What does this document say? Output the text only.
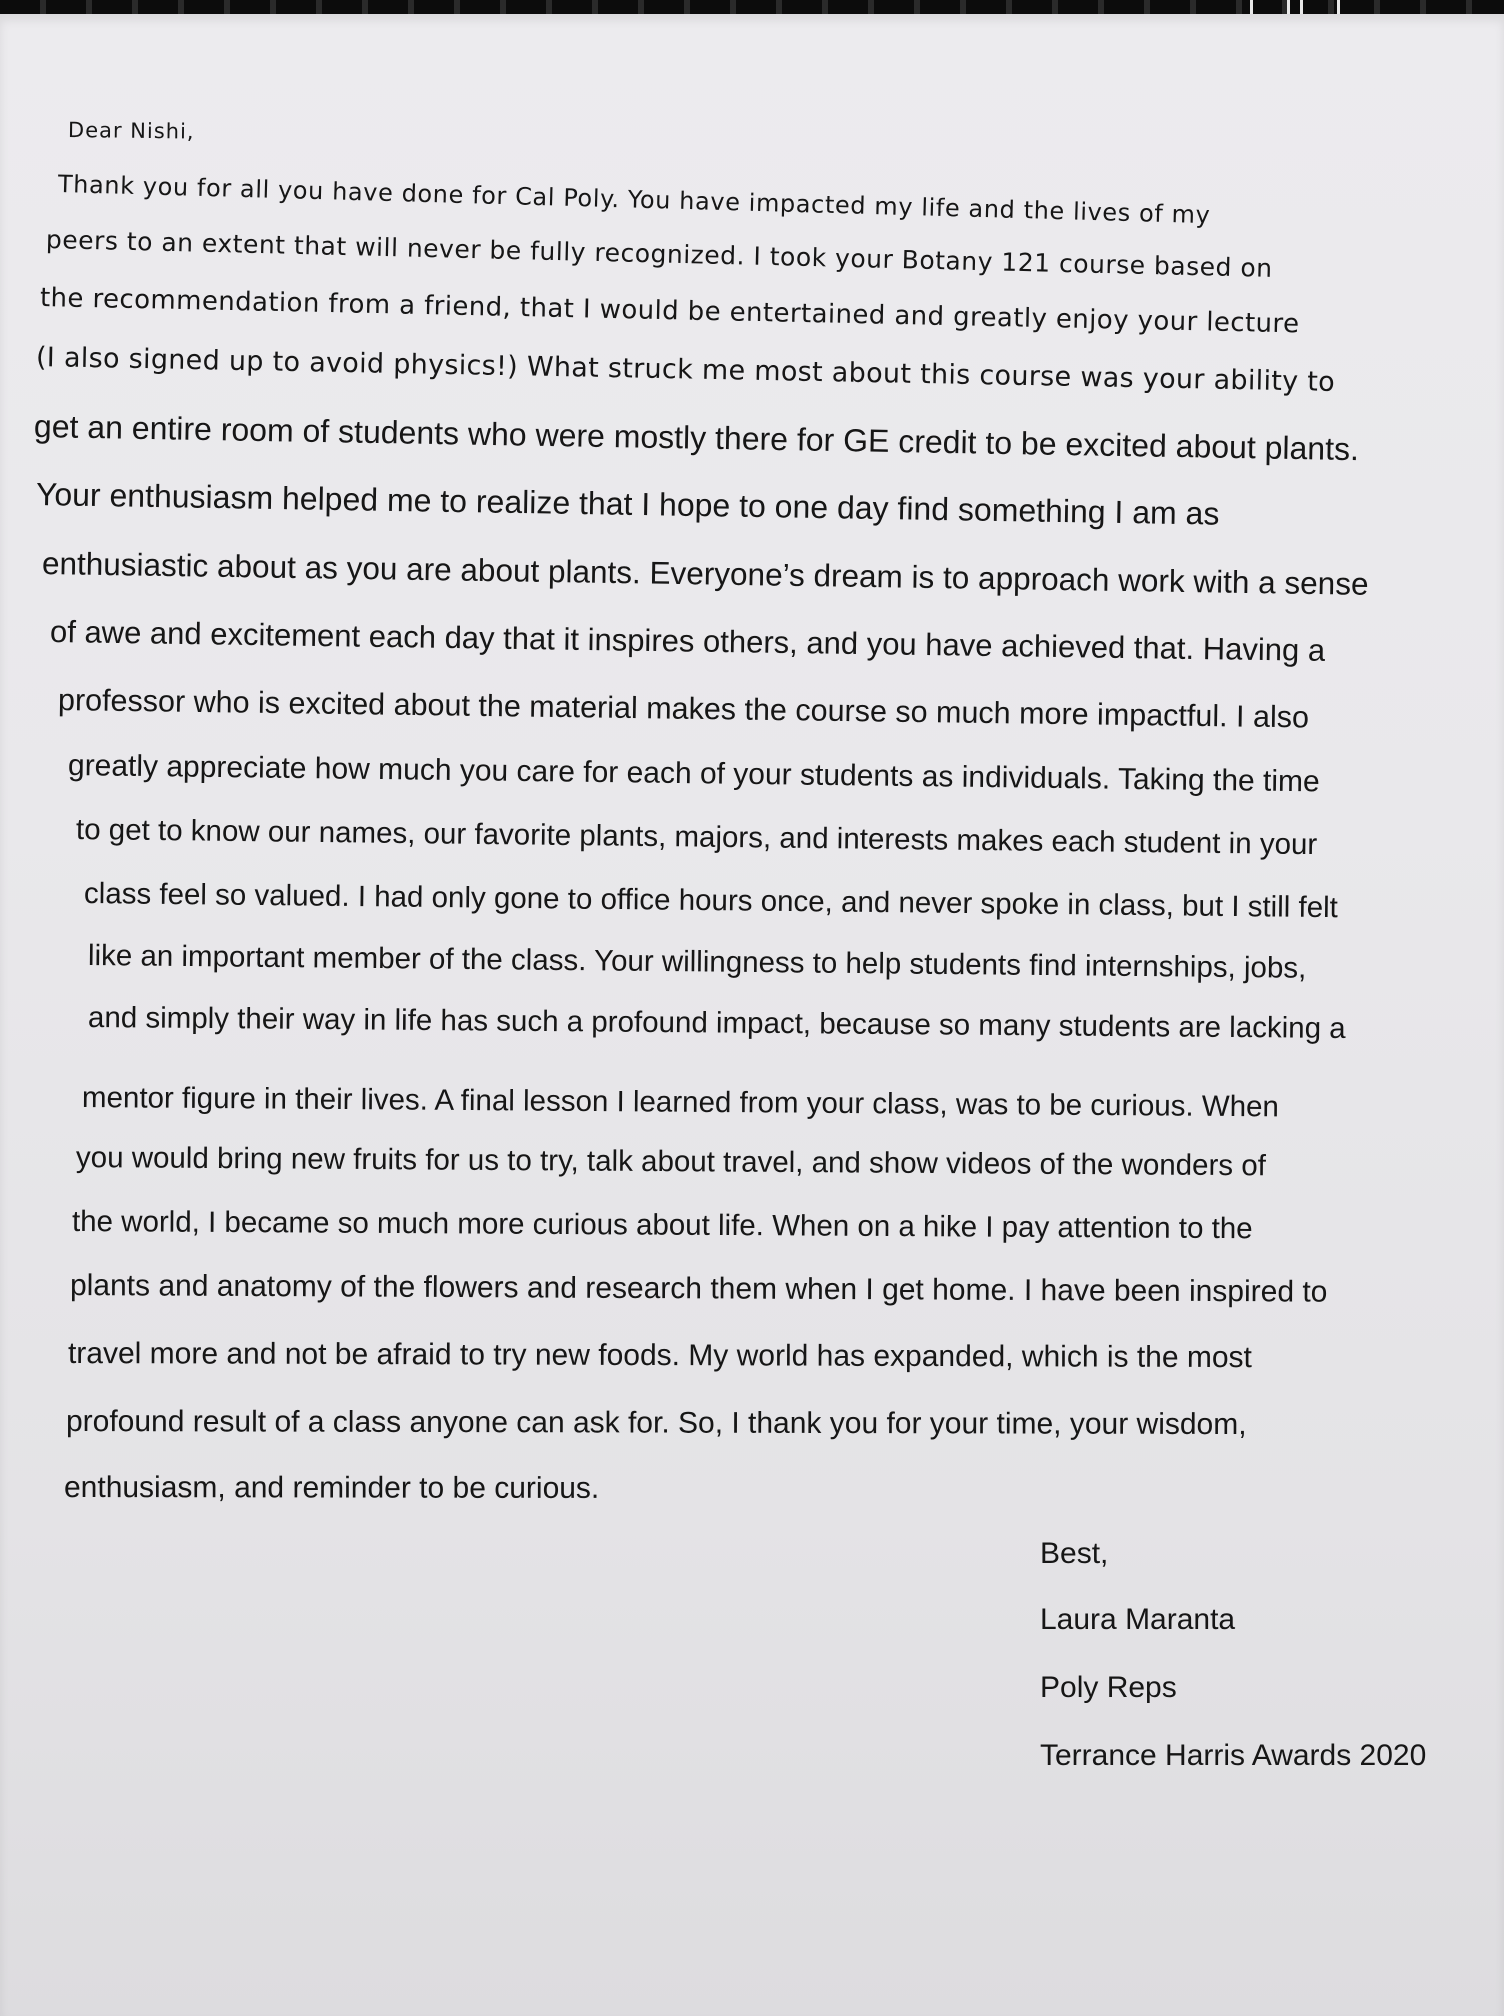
Dear Nishi,
Thank you for all you have done for Cal Poly. You have impacted my life and the lives of my
peers to an extent that will never be fully recognized. I took your Botany 121 course based on
the recommendation from a friend, that I would be entertained and greatly enjoy your lecture
(I also signed up to avoid physics!) What struck me most about this course was your ability to
get an entire room of students who were mostly there for GE credit to be excited about plants.
Your enthusiasm helped me to realize that I hope to one day find something I am as
enthusiastic about as you are about plants. Everyone’s dream is to approach work with a sense
of awe and excitement each day that it inspires others, and you have achieved that. Having a
professor who is excited about the material makes the course so much more impactful. I also
greatly appreciate how much you care for each of your students as individuals. Taking the time
to get to know our names, our favorite plants, majors, and interests makes each student in your
class feel so valued. I had only gone to office hours once, and never spoke in class, but I still felt
like an important member of the class. Your willingness to help students find internships, jobs,
and simply their way in life has such a profound impact, because so many students are lacking a
mentor figure in their lives. A final lesson I learned from your class, was to be curious. When
you would bring new fruits for us to try, talk about travel, and show videos of the wonders of
the world, I became so much more curious about life. When on a hike I pay attention to the
plants and anatomy of the flowers and research them when I get home. I have been inspired to
travel more and not be afraid to try new foods. My world has expanded, which is the most
profound result of a class anyone can ask for. So, I thank you for your time, your wisdom,
enthusiasm, and reminder to be curious.
Best,
Laura Maranta
Poly Reps
Terrance Harris Awards 2020
